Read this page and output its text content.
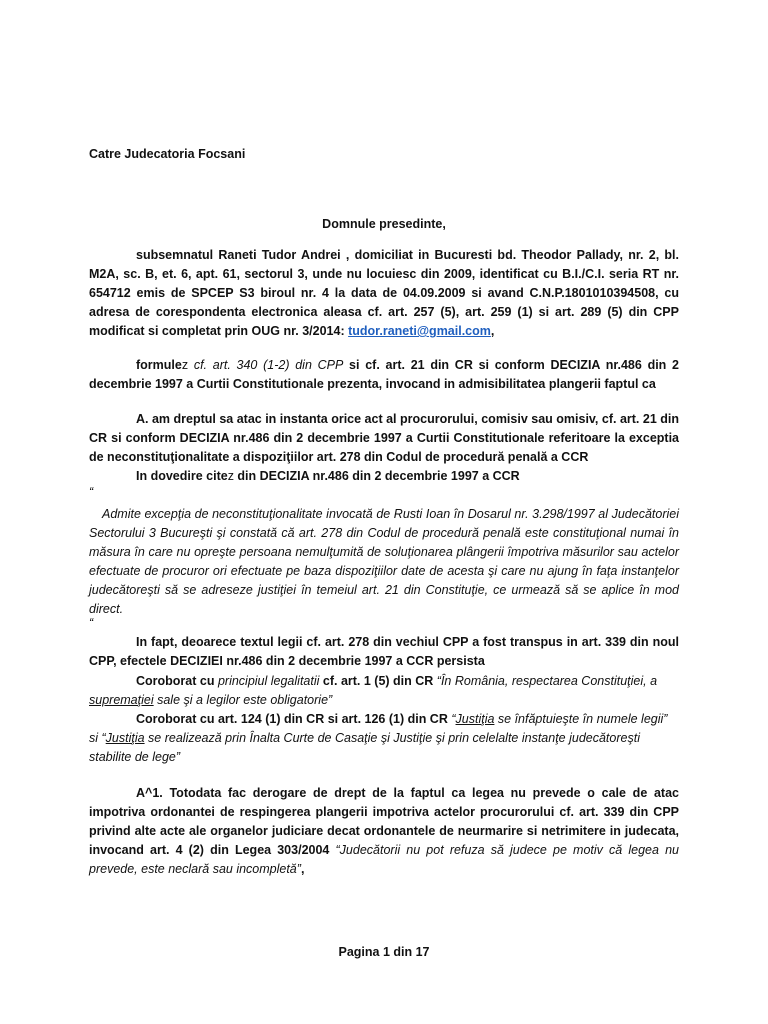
Catre Judecatoria Focsani

Domnule presedinte,

subsemnatul Raneti Tudor Andrei , domiciliat in Bucuresti bd. Theodor Pallady, nr. 2, bl. M2A, sc. B, et. 6, apt. 61, sectorul 3, unde nu locuiesc din 2009, identificat cu B.I./C.I. seria RT nr. 654712 emis de SPCEP S3 biroul nr. 4 la data de 04.09.2009 si avand C.N.P.1801010394508, cu adresa de corespondenta electronica aleasa cf. art. 257 (5), art. 259 (1) si art. 289 (5) din CPP modificat si completat prin OUG nr. 3/2014: tudor.raneti@gmail.com,

formulez cf. art. 340 (1-2) din CPP si cf. art. 21 din CR si conform DECIZIA nr.486 din 2 decembrie 1997 a Curtii Constitutionale prezenta, invocand in admisibilitatea plangerii faptul ca

A. am dreptul sa atac in instanta orice act al procurorului, comisiv sau omisiv, cf. art. 21 din CR si conform DECIZIA nr.486 din 2 decembrie 1997 a Curtii Constitutionale referitoare la exceptia de neconstituţionalitate a dispoziţiilor art. 278 din Codul de procedură penală a CCR

In dovedire citez din DECIZIA nr.486 din 2 decembrie 1997 a CCR

“

Admite excepţia de neconstituţionalitate invocată de Rusti Ioan în Dosarul nr. 3.298/1997 al Judecătoriei Sectorului 3 Bucureşti şi constată că art. 278 din Codul de procedură penală este constituţional numai în măsura în care nu opreşte persoana nemulţumită de soluţionarea plângerii împotriva măsurilor sau actelor efectuate de procuror ori efectuate pe baza dispoziţiilor date de acesta şi care nu ajung în faţa instanţelor judecătoreşti să se adreseze justiţiei în temeiul art. 21 din Constituţie, ce urmează să se aplice în mod direct.

“

In fapt, deoarece textul legii cf. art. 278 din vechiul CPP a fost transpus in art. 339 din noul CPP, efectele DECIZIEI nr.486 din 2 decembrie 1997 a CCR persista

Coroborat cu principiul legalitatii cf. art. 1 (5) din CR “În România, respectarea Constituţiei, a supremaţiei sale şi a legilor este obligatorie”

Coroborat cu art. 124 (1) din CR si art. 126 (1) din CR “Justiţia se înfăptuieşte în numele legii” si “Justiţia se realizează prin Înalta Curte de Casaţie şi Justiţie şi prin celelalte instanţe judecătoreşti stabilite de lege”

A^1. Totodata fac derogare de drept de la faptul ca legea nu prevede o cale de atac impotriva ordonantei de respingerea plangerii impotriva actelor procurorului cf. art. 339 din CPP privind alte acte ale organelor judiciare decat ordonantele de neurmarire si netrimitere in judecata, invocand art. 4 (2) din Legea 303/2004 “Judecătorii nu pot refuza să judece pe motiv că legea nu prevede, este neclară sau incompletă”,

Pagina 1 din 17
